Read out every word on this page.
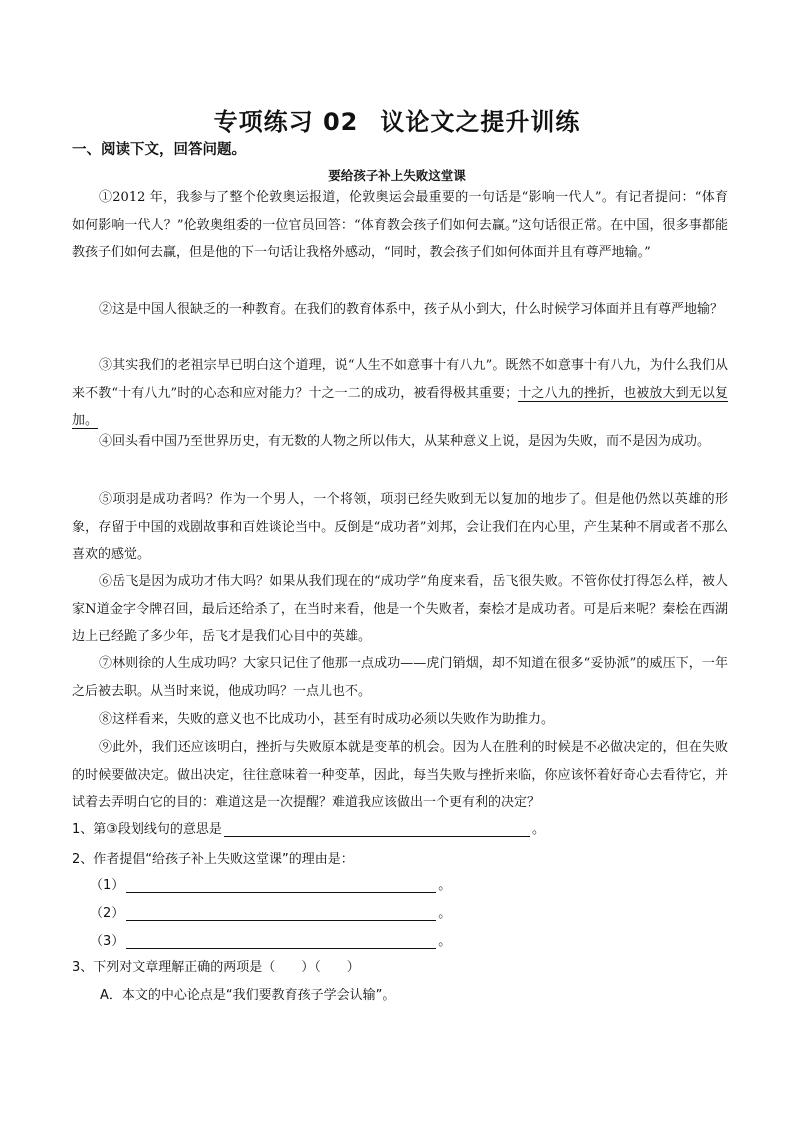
专项练习 02 议论文之提升训练
一、阅读下文，回答问题。
要给孩子补上失败这堂课

①2012 年，我参与了整个伦敦奥运报道，伦敦奥运会最重要的一句话是“影响一代人”。有记者提问：“体育如何影响一代人？”伦敦奥组委的一位官员回答：“体育教会孩子们如何去赢。”这句话很正常。在中国，很多事都能教孩子们如何去赢，但是他的下一句话让我格外感动，“同时，教会孩子们如何体面并且有尊严地输。”

②这是中国人很缺乏的一种教育。在我们的教育体系中，孩子从小到大，什么时候学习体面并且有尊严地输？

③其实我们的老祖宗早已明白这个道理，说“人生不如意事十有八九”。既然不如意事十有八九，为什么我们从来不教“十有八九”时的心态和应对能力？十之一二的成功，被看得极其重要；十之八九的挫折，也被放大到无以复加。

④回头看中国乃至世界历史，有无数的人物之所以伟大，从某种意义上说，是因为失败，而不是因为成功。

⑤项羽是成功者吗？作为一个男人，一个将领，项羽已经失败到无以复加的地步了。但是他仍然以英雄的形象，存留于中国的戏剧故事和百姓谈论当中。反倒是“成功者”刘邦，会让我们在内心里，产生某种不屑或者不那么喜欢的感觉。

⑥岳飞是因为成功才伟大吗？如果从我们现在的“成功学”角度来看，岳飞很失败。不管你仗打得怎么样，被人家N道金字令牌召回，最后还给杀了，在当时来看，他是一个失败者，秦桧才是成功者。可是后来呢？秦桧在西湖边上已经跪了多少年，岳飞才是我们心目中的英雄。

⑦林则徐的人生成功吗？大家只记住了他那一点成功——虎门销烟，却不知道在很多“妥协派”的威压下，一年之后被去职。从当时来说，他成功吗？一点儿也不。

⑧这样看来，失败的意义也不比成功小，甚至有时成功必须以失败作为助推力。

⑨此外，我们还应该明白，挫折与失败原本就是变革的机会。因为人在胜利的时候是不必做决定的，但在失败的时候要做决定。做出决定，往往意味着一种变革，因此，每当失败与挫折来临，你应该怀着好奇心去看待它，并试着去弄明白它的目的：难道这是一次提醒？难道我应该做出一个更有利的决定？

1、第③段划线句的意思是	。
2、作者提倡“给孩子补上失败这堂课”的理由是：
（1）	。
（2）	。
（3）	。
3、下列对文章理解正确的两项是（　　）（　　）
A．本文的中心论点是“我们要教育孩子学会认输”。
